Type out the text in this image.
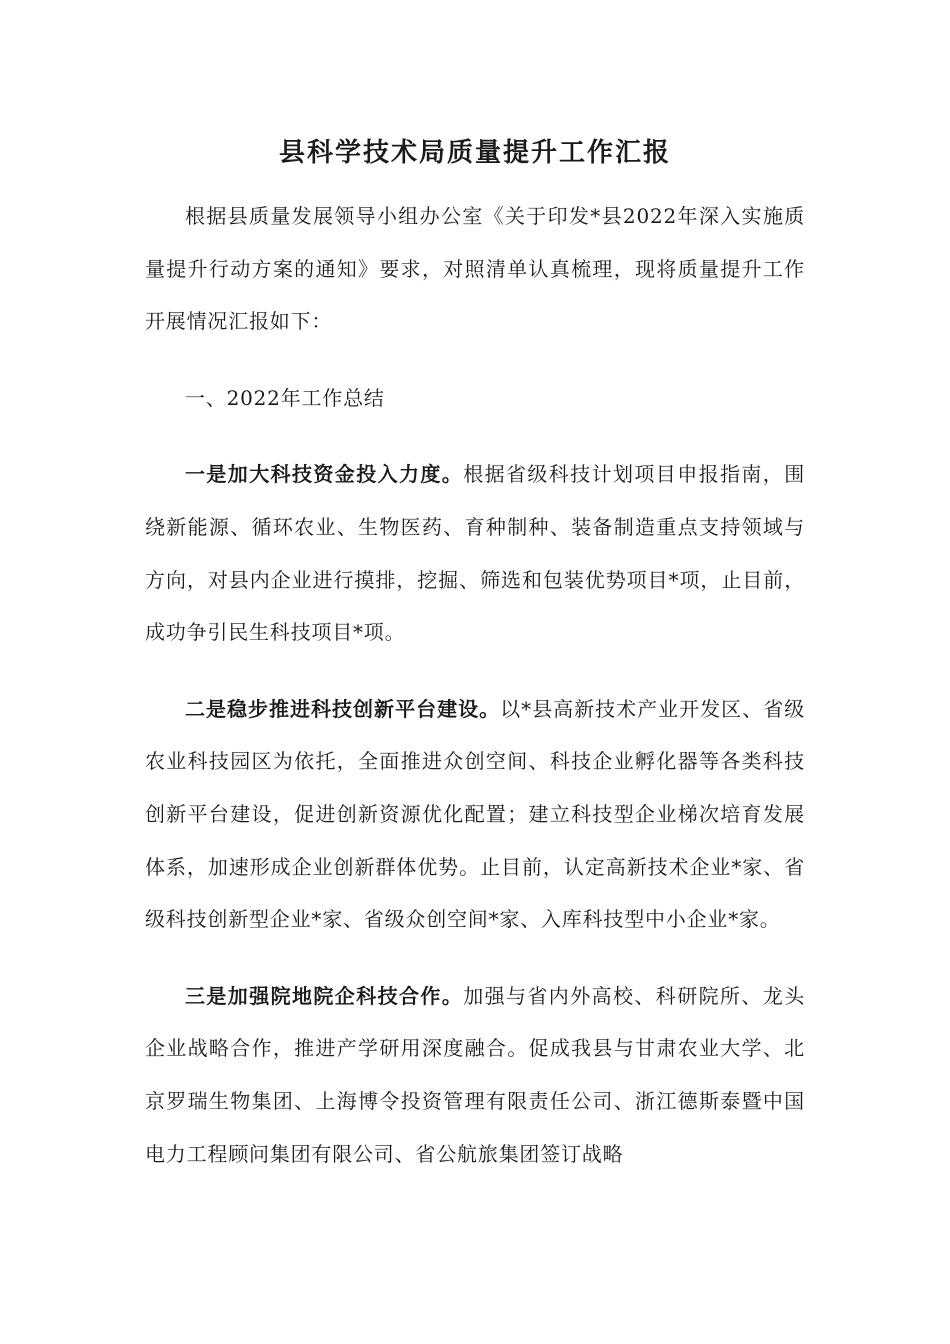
县科学技术局质量提升工作汇报

根据县质量发展领导小组办公室《关于印发*县2022年深入实施质量提升行动方案的通知》要求，对照清单认真梳理，现将质量提升工作开展情况汇报如下：

一、2022年工作总结

一是加大科技资金投入力度。根据省级科技计划项目申报指南，围绕新能源、循环农业、生物医药、育种制种、装备制造重点支持领域与方向，对县内企业进行摸排，挖掘、筛选和包装优势项目*项，止目前，成功争引民生科技项目*项。

二是稳步推进科技创新平台建设。以*县高新技术产业开发区、省级农业科技园区为依托，全面推进众创空间、科技企业孵化器等各类科技创新平台建设，促进创新资源优化配置；建立科技型企业梯次培育发展体系，加速形成企业创新群体优势。止目前，认定高新技术企业*家、省级科技创新型企业*家、省级众创空间*家、入库科技型中小企业*家。

三是加强院地院企科技合作。加强与省内外高校、科研院所、龙头企业战略合作，推进产学研用深度融合。促成我县与甘肃农业大学、北京罗瑞生物集团、上海博令投资管理有限责任公司、浙江德斯泰暨中国电力工程顾问集团有限公司、省公航旅集团签订战略
